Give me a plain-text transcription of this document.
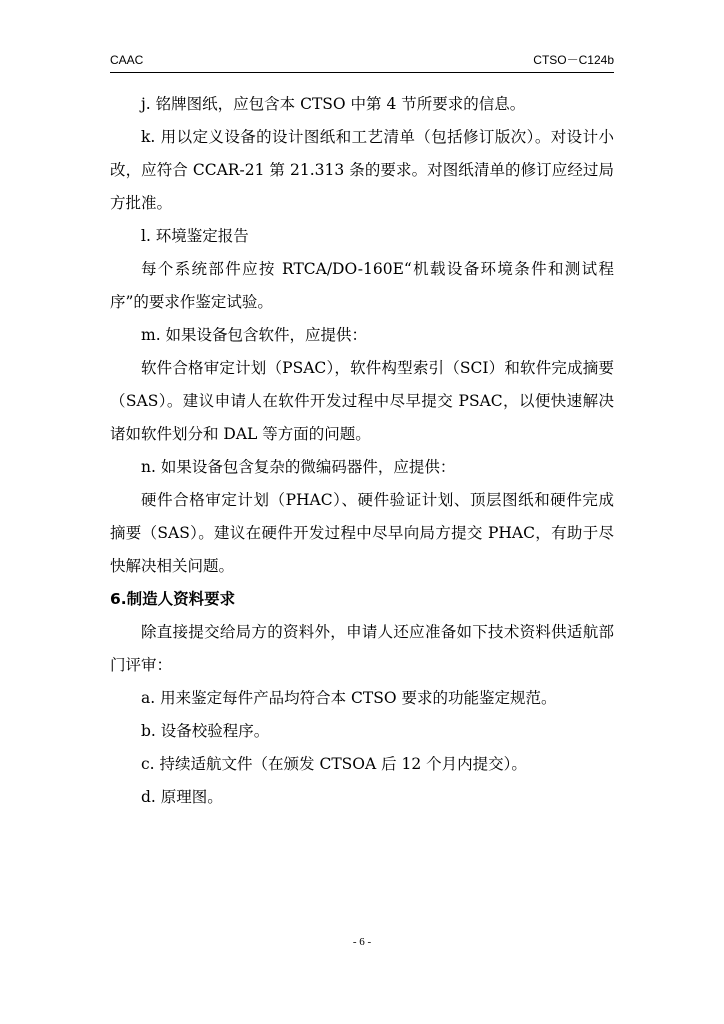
CAAC	CTSO－C124b

j. 铭牌图纸，应包含本 CTSO 中第 4 节所要求的信息。

k. 用以定义设备的设计图纸和工艺清单（包括修订版次）。对设计小改，应符合 CCAR-21 第 21.313 条的要求。对图纸清单的修订应经过局方批准。

l. 环境鉴定报告

每个系统部件应按 RTCA/DO-160E“机载设备环境条件和测试程序”的要求作鉴定试验。

m. 如果设备包含软件，应提供：

软件合格审定计划（PSAC），软件构型索引（SCI）和软件完成摘要（SAS）。建议申请人在软件开发过程中尽早提交 PSAC，以便快速解决诸如软件划分和 DAL 等方面的问题。

n. 如果设备包含复杂的微编码器件，应提供：

硬件合格审定计划（PHAC）、硬件验证计划、顶层图纸和硬件完成摘要（SAS）。建议在硬件开发过程中尽早向局方提交 PHAC，有助于尽快解决相关问题。

6.制造人资料要求

除直接提交给局方的资料外，申请人还应准备如下技术资料供适航部门评审：

a. 用来鉴定每件产品均符合本 CTSO 要求的功能鉴定规范。

b. 设备校验程序。

c. 持续适航文件（在颁发 CTSOA 后 12 个月内提交）。

d. 原理图。

- 6 -
